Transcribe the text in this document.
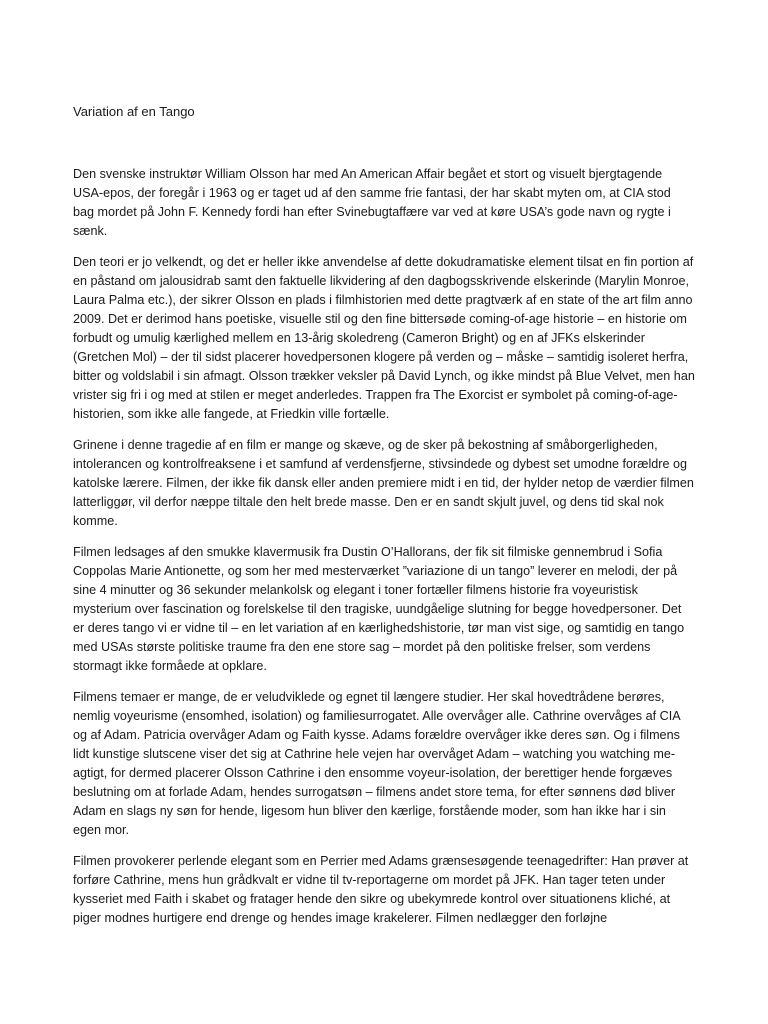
Variation af en Tango

Den svenske instruktør William Olsson har med An American Affair begået et stort og visuelt bjergtagende USA-epos, der foregår i 1963 og er taget ud af den samme frie fantasi, der har skabt myten om, at CIA stod bag mordet på John F. Kennedy fordi han efter Svinebugtaffære var ved at køre USA’s gode navn og rygte i sænk.

Den teori er jo velkendt, og det er heller ikke anvendelse af dette dokudramatiske element tilsat en fin portion af en påstand om jalousidrab samt den faktuelle likvidering af den dagbogsskrivende elskerinde (Marylin Monroe, Laura Palma etc.), der sikrer Olsson en plads i filmhistorien med dette pragtværk af en state of the art film anno 2009. Det er derimod hans poetiske, visuelle stil og den fine bittersøde coming-of-age historie – en historie om forbudt og umulig kærlighed mellem en 13-årig skoledreng (Cameron Bright) og en af JFKs elskerinder (Gretchen Mol) – der til sidst placerer hovedpersonen klogere på verden og – måske – samtidig isoleret herfra, bitter og voldslabil i sin afmagt. Olsson trækker veksler på David Lynch, og ikke mindst på Blue Velvet, men han vrister sig fri i og med at stilen er meget anderledes. Trappen fra The Exorcist er symbolet på coming-of-age-historien, som ikke alle fangede, at Friedkin ville fortælle.

Grinene i denne tragedie af en film er mange og skæve, og de sker på bekostning af småborgerligheden, intolerancen og kontrolfreaksene i et samfund af verdensfjerne, stivsindede og dybest set umodne forældre og katolske lærere. Filmen, der ikke fik dansk eller anden premiere midt i en tid, der hylder netop de værdier filmen latterliggør, vil derfor næppe tiltale den helt brede masse. Den er en sandt skjult juvel, og dens tid skal nok komme.

Filmen ledsages af den smukke klavermusik fra Dustin O’Hallorans, der fik sit filmiske gennembrud i Sofia Coppolas Marie Antionette, og som her med mesterværket ”variazione di un tango” leverer en melodi, der på sine 4 minutter og 36 sekunder melankolsk og elegant i toner fortæller filmens historie fra voyeuristisk mysterium over fascination og forelskelse til den tragiske, uundgåelige slutning for begge hovedpersoner. Det er deres tango vi er vidne til – en let variation af en kærlighedshistorie, tør man vist sige, og samtidig en tango med USAs største politiske traume fra den ene store sag – mordet på den politiske frelser, som verdens stormagt ikke formåede at opklare.

Filmens temaer er mange, de er veludviklede og egnet til længere studier. Her skal hovedtrådene berøres, nemlig voyeurisme (ensomhed, isolation) og familiesurrogatet. Alle overvåger alle. Cathrine overvåges af CIA og af Adam. Patricia overvåger Adam og Faith kysse. Adams forældre overvåger ikke deres søn. Og i filmens lidt kunstige slutscene viser det sig at Cathrine hele vejen har overvåget Adam – watching you watching me-agtigt, for dermed placerer Olsson Cathrine i den ensomme voyeur-isolation, der berettiger hende forgæves beslutning om at forlade Adam, hendes surrogatsøn – filmens andet store tema, for efter sønnens død bliver Adam en slags ny søn for hende, ligesom hun bliver den kærlige, forstående moder, som han ikke har i sin egen mor.

Filmen provokerer perlende elegant som en Perrier med Adams grænsesøgende teenagedrifter: Han prøver at forføre Cathrine, mens hun grådkvalt er vidne til tv-reportagerne om mordet på JFK. Han tager teten under kysseriet med Faith i skabet og fratager hende den sikre og ubekymrede kontrol over situationens kliché, at piger modnes hurtigere end drenge og hendes image krakelerer. Filmen nedlægger den forløjne
